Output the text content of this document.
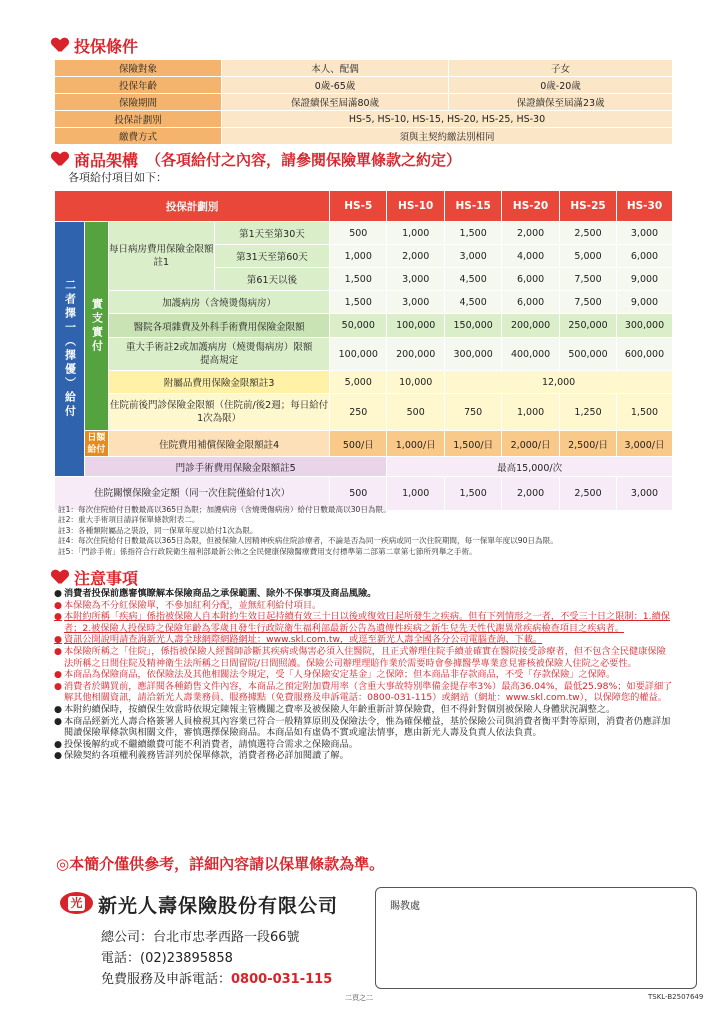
投保條件
保險對象	本人、配偶	子女
投保年齡	0歲-65歲	0歲-20歲
保險期間	保證續保至屆滿80歲	保證續保至屆滿23歲
投保計劃別	HS-5, HS-10, HS-15, HS-20, HS-25, HS-30	
繳費方式	須與主契約繳法別相同	
商品架構 （各項給付之內容，請參閱保險單條款之約定）
各項給付項目如下：
投保計劃別				HS-5	HS-10	HS-15	HS-20	HS-25	HS-30
二者擇一（擇優）給付	實支實付	每日病房費用保險金限額註1	第1天至第30天	500	1,000	1,500	2,000	2,500	3,000
			第31天至第60天	1,000	2,000	3,000	4,000	5,000	6,000
			第61天以後	1,500	3,000	4,500	6,000	7,500	9,000
		加護病房（含燒燙傷病房）		1,500	3,000	4,500	6,000	7,500	9,000
		醫院各項雜費及外科手術費用保險金限額		50,000	100,000	150,000	200,000	250,000	300,000
		重大手術註2或加護病房（燒燙傷病房）限額提高規定		100,000	200,000	300,000	400,000	500,000	600,000
		附屬品費用保險金限額註3		5,000	10,000	12,000			
		住院前後門診保險金限額（住院前/後2週；每日給付1次為限）		250	500	750	1,000	1,250	1,500
	日額給付	住院費用補償保險金限額註4		500/日	1,000/日	1,500/日	2,000/日	2,500/日	3,000/日
	門診手術費用保險金限額註5				最高15,000/次				
住院關懷保險金定額（同一次住院僅給付1次）				500	1,000	1,500	2,000	2,500	3,000
註1：每次住院給付日數最高以365日為限；加護病房（含燒燙傷病房）給付日數最高以30日為限。
註2：重大手術項目請詳保單條款附表二。
註3：各種類附屬品之裝設，同一保單年度以給付1次為限。
註4：每次住院給付日數最高以365日為限，但被保險人因精神疾病住院診療者，不論是否為同一疾病或同一次住院期間，每一保單年度以90日為限。
註5：「門診手術」係指符合行政院衛生福利部最新公佈之全民健康保險醫療費用支付標準第二部第二章第七節所列舉之手術。
注意事項
● 消費者投保前應審慎瞭解本保險商品之承保範圍、除外不保事項及商品風險。
● 本保險為不分紅保險單，不參加紅利分配，並無紅利給付項目。
● 本附約所稱「疾病」係指被保險人自本附約生效日起持續有效三十日以後或復效日起所發生之疾病。但有下列情形之一者，不受三十日之限制：1.續保者；2.被保險人投保時之保險年齡為零歲且發生行政院衛生福利部最新公告為遺傳性疾病之新生兒先天性代謝異常疾病檢查項目之疾病者。
● 資訊公開說明請查詢新光人壽全球網際網路網址：www.skl.com.tw，或逕至新光人壽全國各分公司電腦查詢、下載。
● 本保險所稱之「住院」，係指被保險人經醫師診斷其疾病或傷害必須入住醫院，且正式辦理住院手續並確實在醫院接受診療者，但不包含全民健康保險法所稱之日間住院及精神衛生法所稱之日間留院/日間照護。保險公司辦理理賠作業於需要時會參據醫學專業意見審核被保險人住院之必要性。
● 本商品為保險商品，依保險法及其他相關法令規定，受「人身保險安定基金」之保障；但本商品非存款商品，不受「存款保險」之保障。
● 消費者於購買前，應詳閱各種銷售文件內容，本商品之預定附加費用率（含重大事故特別準備金提存率3%）最高36.04%，最低25.98%；如要詳細了解其他相關資訊，請洽新光人壽業務員、服務據點（免費服務及申訴電話：0800-031-115）或網站（網址：www.skl.com.tw），以保障您的權益。
● 本附約續保時，按續保生效當時依規定陳報主管機關之費率及被保險人年齡重新計算保險費，但不得針對個別被保險人身體狀況調整之。
● 本商品經新光人壽合格簽署人員檢視其內容業已符合一般精算原則及保險法令，惟為確保權益，基於保險公司與消費者衡平對等原則，消費者仍應詳加閱讀保險單條款與相關文件，審慎選擇保險商品。本商品如有虛偽不實或違法情事，應由新光人壽及負責人依法負責。
● 投保後解約或不繼續繳費可能不利消費者，請慎選符合需求之保險商品。
● 保險契約各項權利義務皆詳列於保單條款，消費者務必詳加閱讀了解。
◎本簡介僅供參考，詳細內容請以保單條款為準。
光 新光人壽保險股份有限公司
總公司：台北市忠孝西路一段66號
電話：(02)23895858
免費服務及申訴電話：0800-031-115
賜教處
二頁之二	TSKL-B2507649
